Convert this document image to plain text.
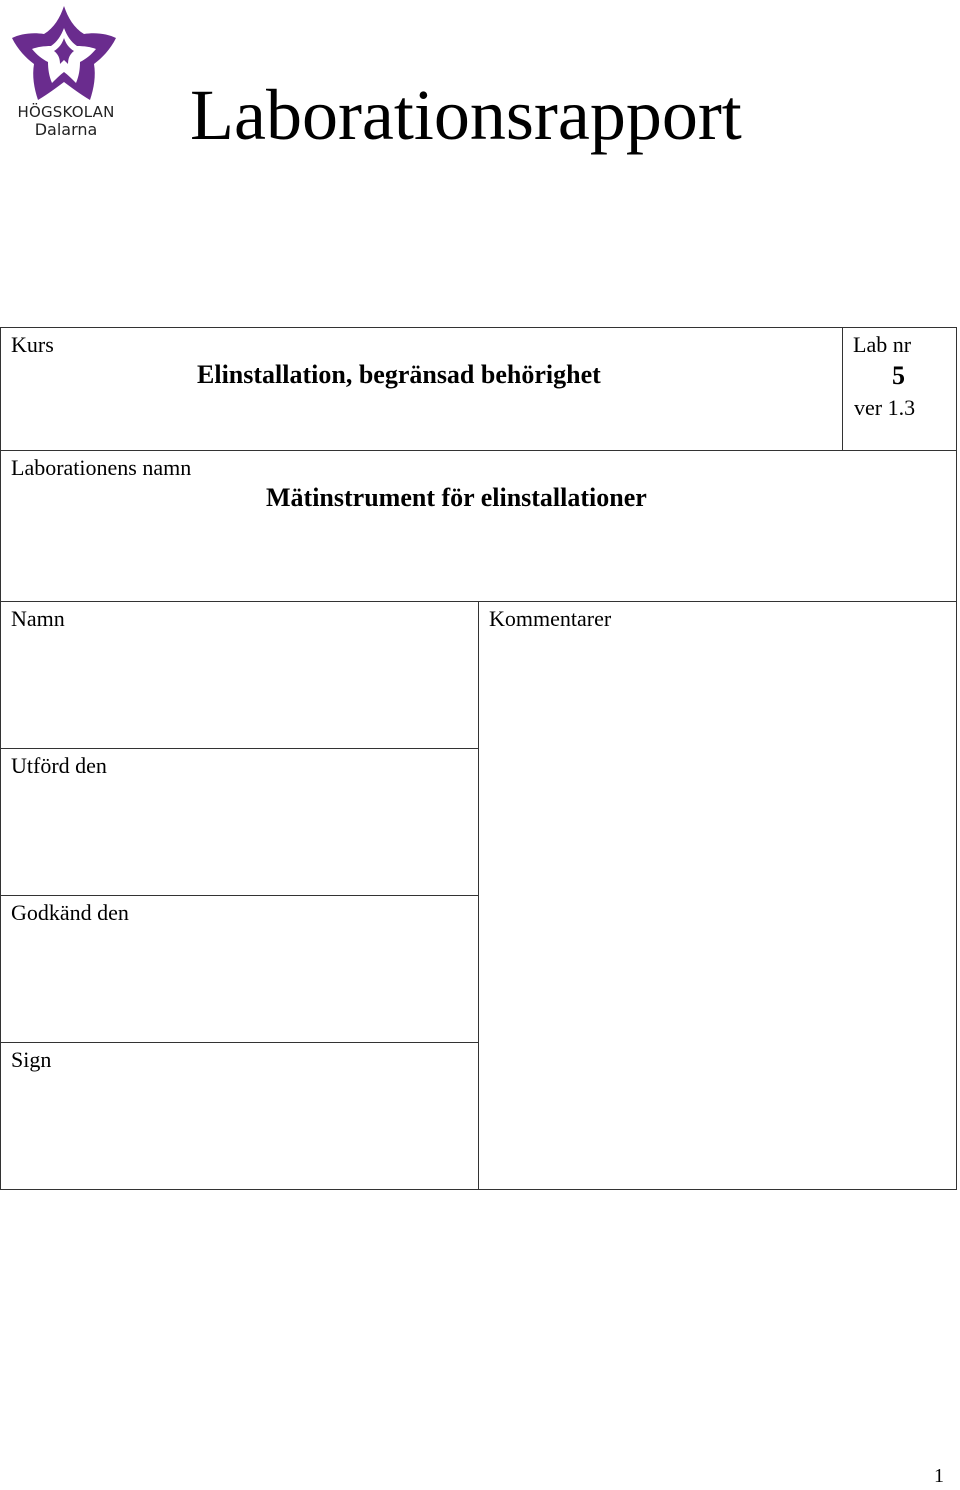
HÖGSKOLAN
Dalarna	Laborationsrapport
Kurs
Elinstallation, begränsad behörighet
Lab nr
5
ver 1.3
Laborationens namn
Mätinstrument för elinstallationer
Namn
Utförd den
Godkänd den
Sign
Kommentarer
1
